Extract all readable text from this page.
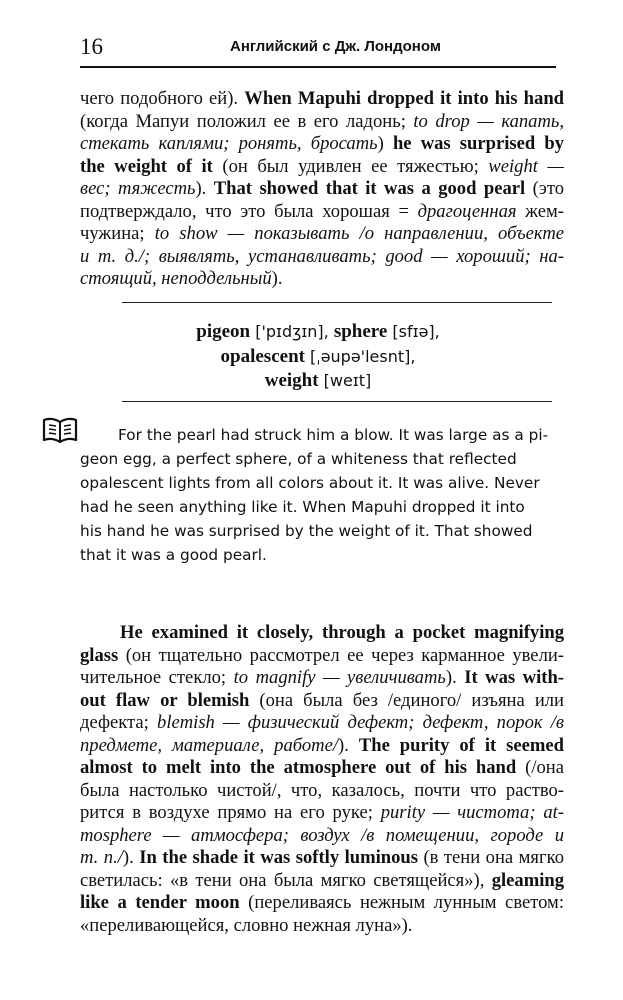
16	Английский с Дж. Лондоном
чего подобного ей). When Mapuhi dropped it into his hand
(когда Мапуи положил ее в его ладонь; to drop — капать,
стекать каплями; ронять, бросать) he was surprised by
the weight of it (он был удивлен ее тяжестью; weight —
вес; тяжесть). That showed that it was a good pearl (это
подтверждало, что это была хорошая = драгоценная жем-
чужина; to show — показывать /о направлении, объекте
и т. д./; выявлять, устанавливать; good — хороший; на-
стоящий, неподдельный).
pigeon ['pɪdʒɪn], sphere [sfɪə],
opalescent [ˌəupə'lesnt],
weight [weɪt]
For the pearl had struck him a blow. It was large as a pi-
geon egg, a perfect sphere, of a whiteness that reflected
opalescent lights from all colors about it. It was alive. Never
had he seen anything like it. When Mapuhi dropped it into
his hand he was surprised by the weight of it. That showed
that it was a good pearl.
He examined it closely, through a pocket magnifying
glass (он тщательно рассмотрел ее через карманное увели-
чительное стекло; to magnify — увеличивать). It was with-
out flaw or blemish (она была без /единого/ изъяна или
дефекта; blemish — физический дефект; дефект, порок /в
предмете, материале, работе/). The purity of it seemed
almost to melt into the atmosphere out of his hand (/она
была настолько чистой/, что, казалось, почти что раство-
рится в воздухе прямо на его руке; purity — чистота; at-
mosphere — атмосфера; воздух /в помещении, городе и
т. п./). In the shade it was softly luminous (в тени она мягко
светилась: «в тени она была мягко светящейся»), gleaming
like a tender moon (переливаясь нежным лунным светом:
«переливающейся, словно нежная луна»).
